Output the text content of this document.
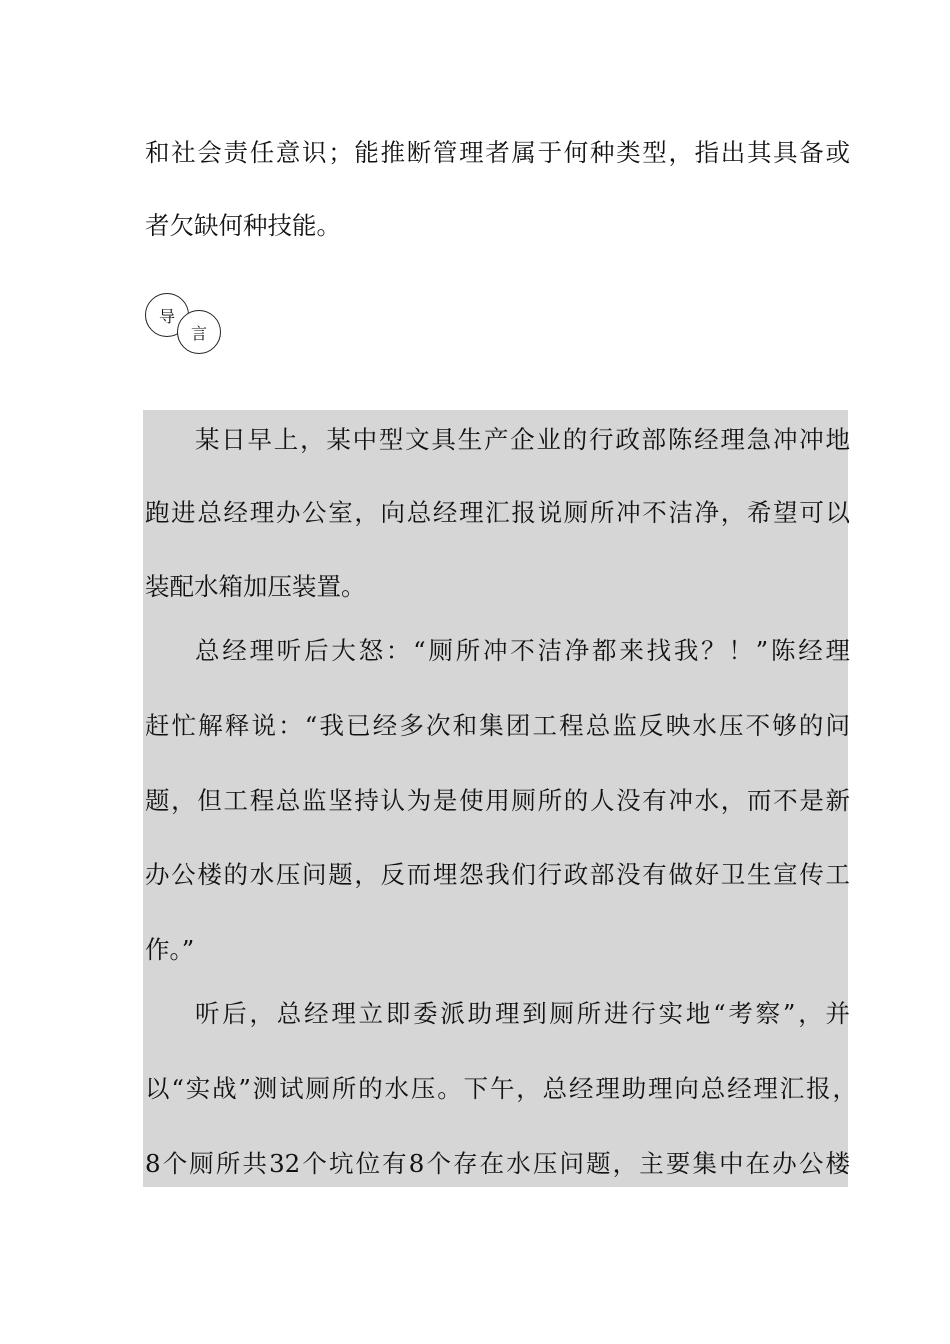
和社会责任意识；能推断管理者属于何种类型，指出其具备或
者欠缺何种技能。
导
言
某日早上，某中型文具生产企业的行政部陈经理急冲冲地
跑进总经理办公室，向总经理汇报说厕所冲不洁净，希望可以
装配水箱加压装置。
总经理听后大怒：“厕所冲不洁净都来找我？！”陈经理
赶忙解释说：“我已经多次和集团工程总监反映水压不够的问
题，但工程总监坚持认为是使用厕所的人没有冲水，而不是新
办公楼的水压问题，反而埋怨我们行政部没有做好卫生宣传工
作。”
听后，总经理立即委派助理到厕所进行实地“考察”，并
以“实战”测试厕所的水压。下午，总经理助理向总经理汇报，
8个厕所共32个坑位有8个存在水压问题，主要集中在办公楼
